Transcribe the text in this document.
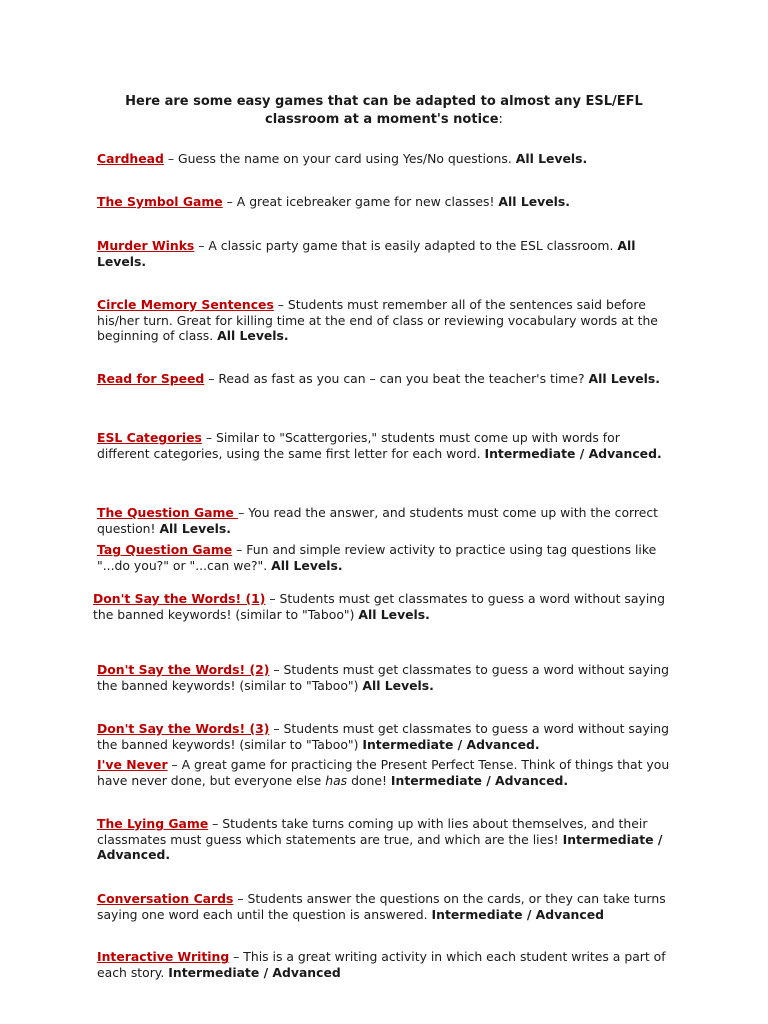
Here are some easy games that can be adapted to almost any ESL/EFL
classroom at a moment's notice:
Cardhead – Guess the name on your card using Yes/No questions. All Levels.
The Symbol Game – A great icebreaker game for new classes! All Levels.
Murder Winks – A classic party game that is easily adapted to the ESL classroom. All Levels.
Circle Memory Sentences – Students must remember all of the sentences said before his/her turn. Great for killing time at the end of class or reviewing vocabulary words at the beginning of class. All Levels.
Read for Speed – Read as fast as you can – can you beat the teacher's time? All Levels.
ESL Categories – Similar to "Scattergories," students must come up with words for different categories, using the same first letter for each word. Intermediate / Advanced.
The Question Game – You read the answer, and students must come up with the correct question! All Levels.
Tag Question Game – Fun and simple review activity to practice using tag questions like "...do you?" or "...can we?". All Levels.
Don't Say the Words! (1) – Students must get classmates to guess a word without saying the banned keywords! (similar to "Taboo") All Levels.
Don't Say the Words! (2) – Students must get classmates to guess a word without saying the banned keywords! (similar to "Taboo") All Levels.
Don't Say the Words! (3) – Students must get classmates to guess a word without saying the banned keywords! (similar to "Taboo") Intermediate / Advanced.
I've Never – A great game for practicing the Present Perfect Tense. Think of things that you have never done, but everyone else has done! Intermediate / Advanced.
The Lying Game – Students take turns coming up with lies about themselves, and their classmates must guess which statements are true, and which are the lies! Intermediate / Advanced.
Conversation Cards – Students answer the questions on the cards, or they can take turns saying one word each until the question is answered. Intermediate / Advanced
Interactive Writing – This is a great writing activity in which each student writes a part of each story. Intermediate / Advanced
